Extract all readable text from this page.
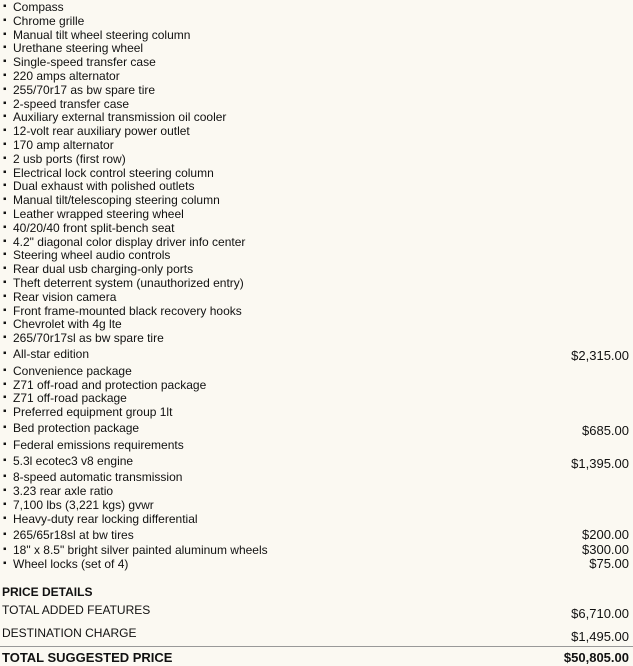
▪ Compass
▪ Chrome grille
▪ Manual tilt wheel steering column
▪ Urethane steering wheel
▪ Single-speed transfer case
▪ 220 amps alternator
▪ 255/70r17 as bw spare tire
▪ 2-speed transfer case
▪ Auxiliary external transmission oil cooler
▪ 12-volt rear auxiliary power outlet
▪ 170 amp alternator
▪ 2 usb ports (first row)
▪ Electrical lock control steering column
▪ Dual exhaust with polished outlets
▪ Manual tilt/telescoping steering column
▪ Leather wrapped steering wheel
▪ 40/20/40 front split-bench seat
▪ 4.2" diagonal color display driver info center
▪ Steering wheel audio controls
▪ Rear dual usb charging-only ports
▪ Theft deterrent system (unauthorized entry)
▪ Rear vision camera
▪ Front frame-mounted black recovery hooks
▪ Chevrolet with 4g lte
▪ 265/70r17sl as bw spare tire
▪ All-star edition	$2,315.00
▪ Convenience package
▪ Z71 off-road and protection package
▪ Z71 off-road package
▪ Preferred equipment group 1lt
▪ Bed protection package	$685.00
▪ Federal emissions requirements
▪ 5.3l ecotec3 v8 engine	$1,395.00
▪ 8-speed automatic transmission
▪ 3.23 rear axle ratio
▪ 7,100 lbs (3,221 kgs) gvwr
▪ Heavy-duty rear locking differential
▪ 265/65r18sl at bw tires	$200.00
▪ 18" x 8.5" bright silver painted aluminum wheels	$300.00
▪ Wheel locks (set of 4)	$75.00
PRICE DETAILS
TOTAL ADDED FEATURES	$6,710.00
DESTINATION CHARGE	$1,495.00
TOTAL SUGGESTED PRICE	$50,805.00
